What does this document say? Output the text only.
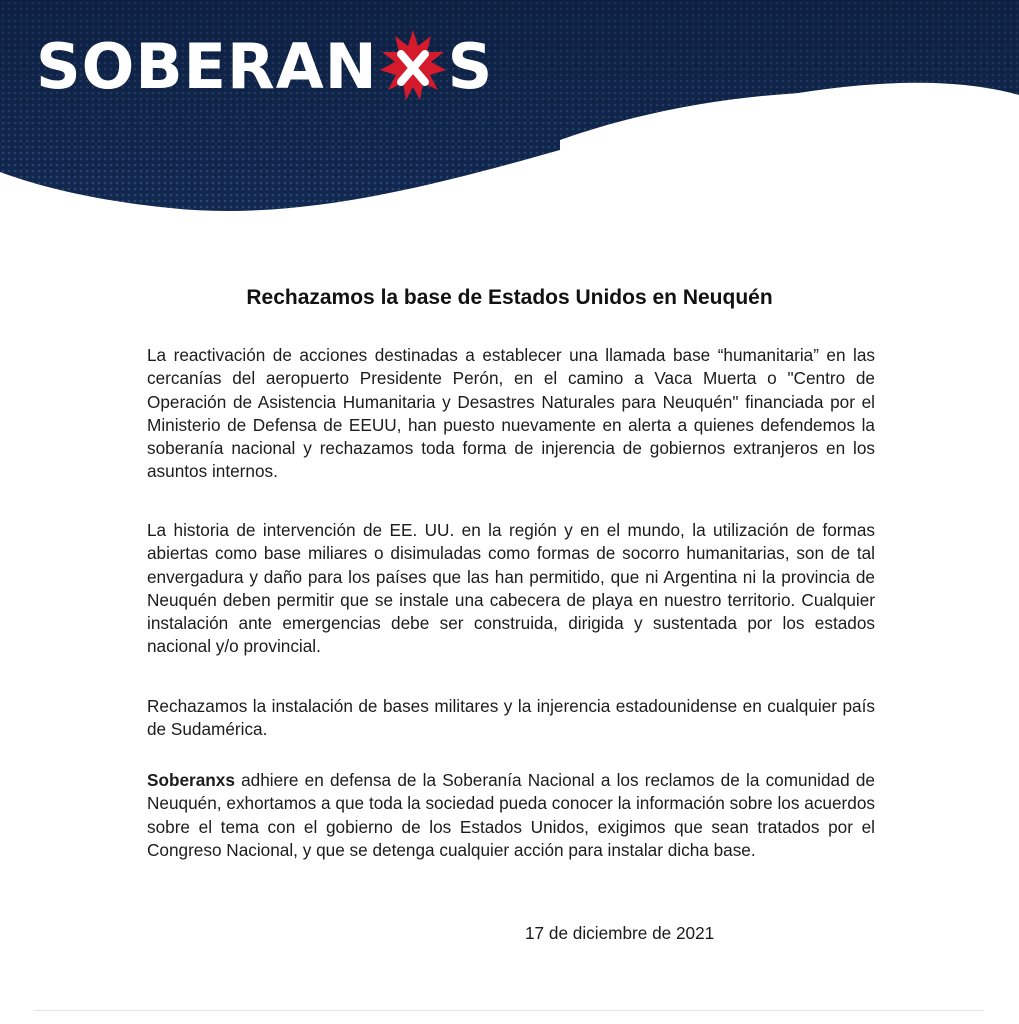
SOBERAN S
Rechazamos la base de Estados Unidos en Neuquén
La reactivación de acciones destinadas a establecer una llamada base “humanitaria” en las cercanías del aeropuerto Presidente Perón, en el camino a Vaca Muerta o "Centro de Operación de Asistencia Humanitaria y Desastres Naturales para Neuquén" financiada por el Ministerio de Defensa de EEUU, han puesto nuevamente en alerta a quienes defendemos la soberanía nacional y rechazamos toda forma de injerencia de gobiernos extranjeros en los asuntos internos.
La historia de intervención de EE. UU. en la región y en el mundo, la utilización de formas abiertas como base miliares o disimuladas como formas de socorro humanitarias, son de tal envergadura y daño para los países que las han permitido, que ni Argentina ni la provincia de Neuquén deben permitir que se instale una cabecera de playa en nuestro territorio. Cualquier instalación ante emergencias debe ser construida, dirigida y sustentada por los estados nacional y/o provincial.
Rechazamos la instalación de bases militares y la injerencia estadounidense en cualquier país de Sudamérica.
Soberanxs adhiere en defensa de la Soberanía Nacional a los reclamos de la comunidad de Neuquén, exhortamos a que toda la sociedad pueda conocer la información sobre los acuerdos sobre el tema con el gobierno de los Estados Unidos, exigimos que sean tratados por el Congreso Nacional, y que se detenga cualquier acción para instalar dicha base.
17 de diciembre de 2021
